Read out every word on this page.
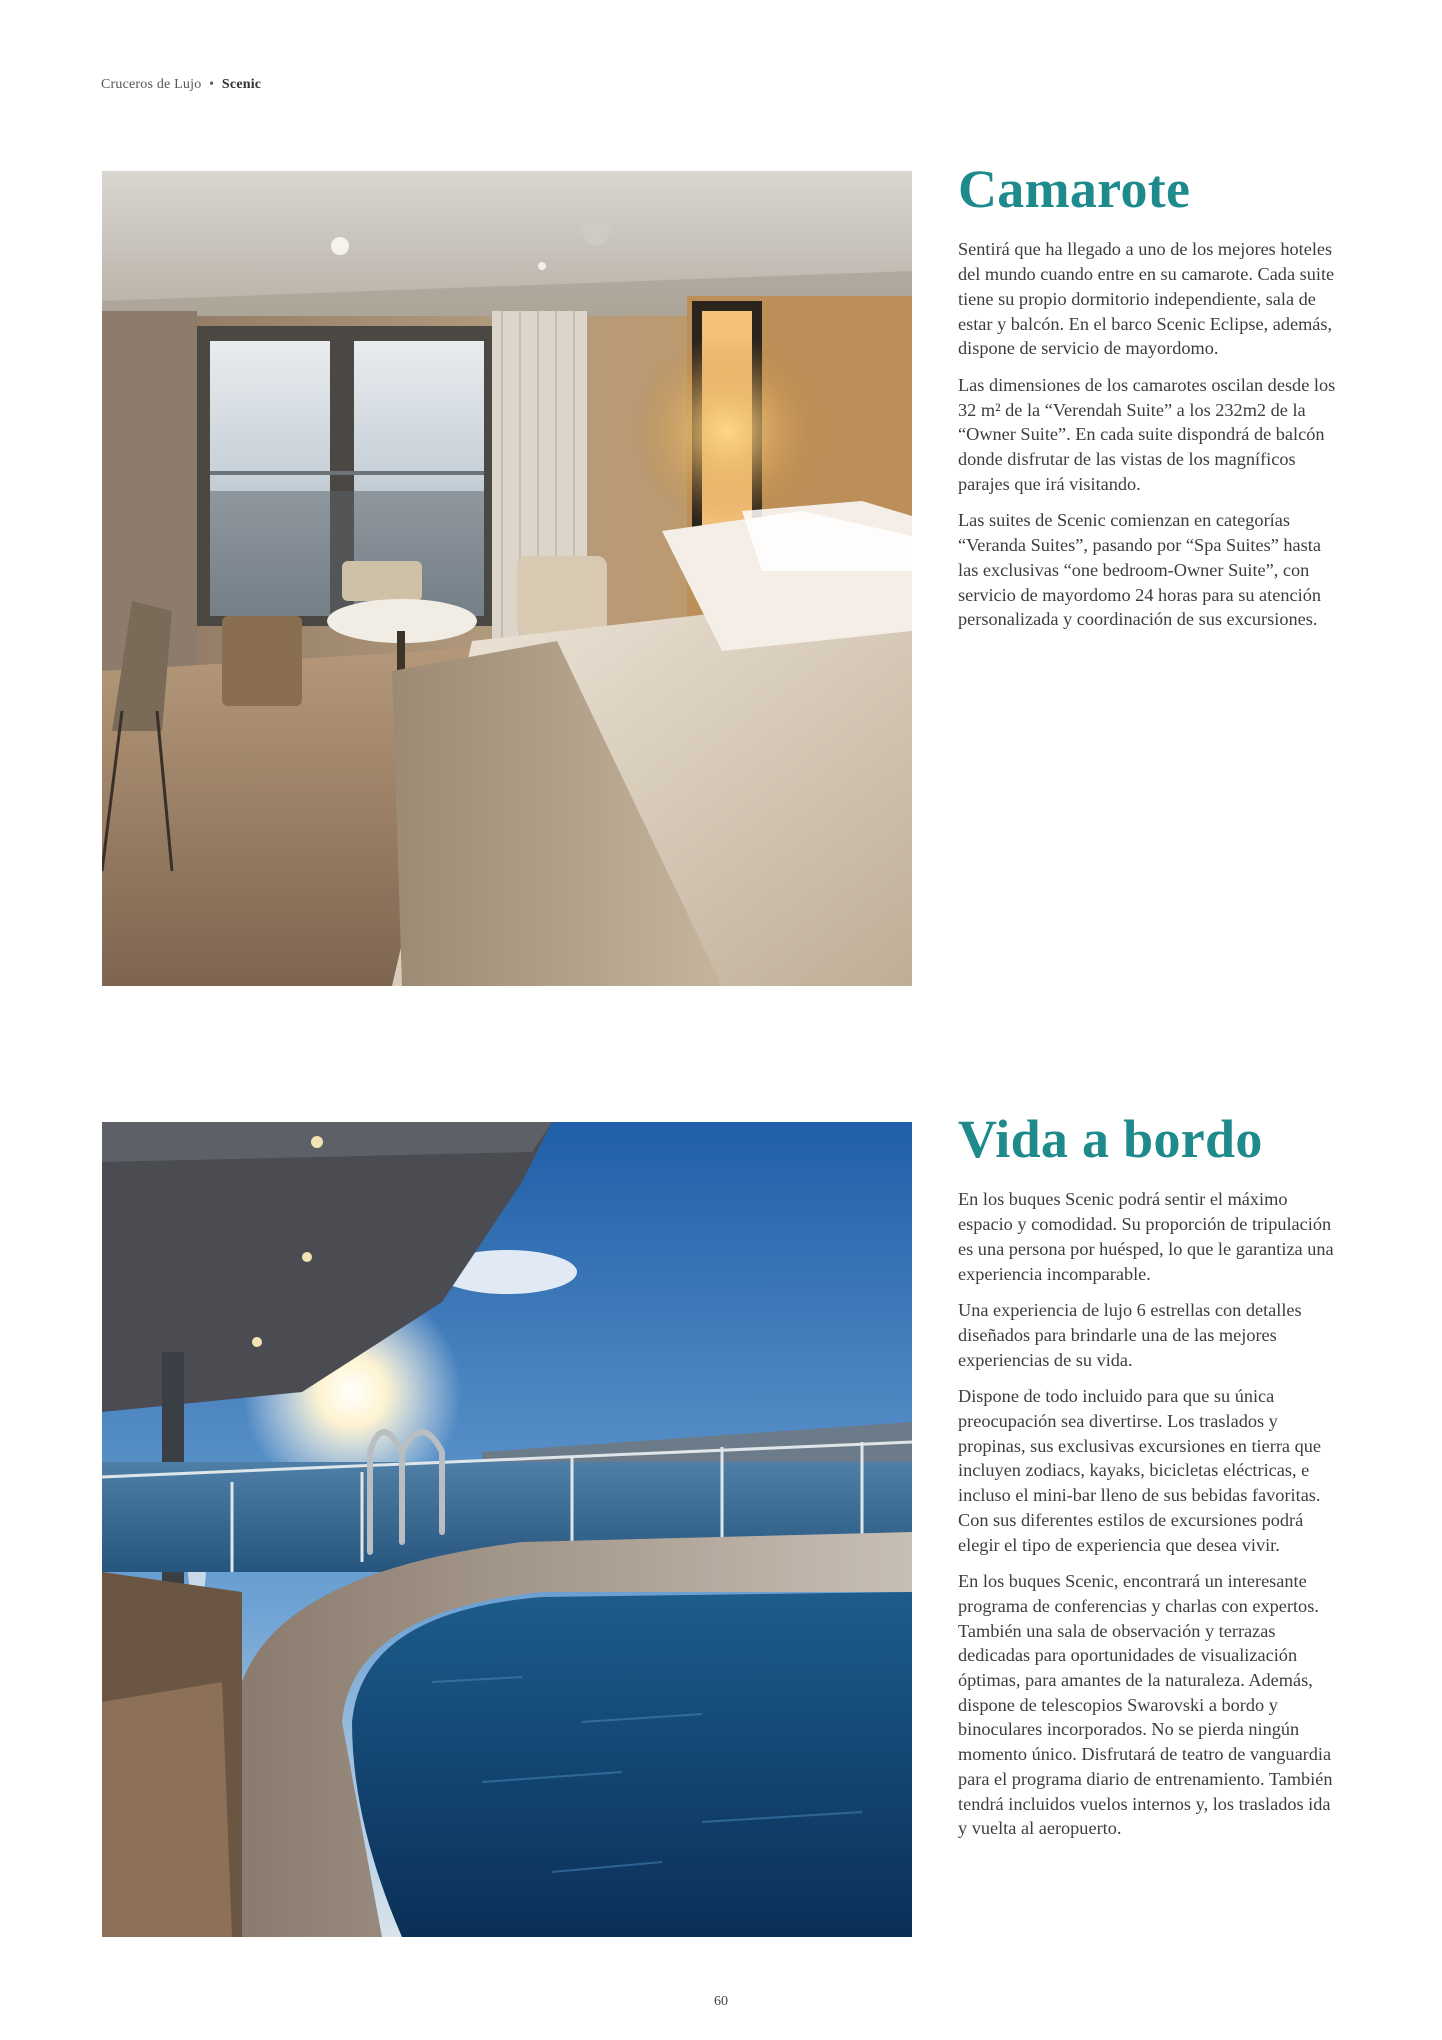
Cruceros de Lujo • Scenic
Camarote

Sentirá que ha llegado a uno de los mejores hoteles del mundo cuando entre en su camarote. Cada suite tiene su propio dormitorio independiente, sala de estar y balcón. En el barco Scenic Eclipse, además, dispone de servicio de mayordomo.

Las dimensiones de los camarotes oscilan desde los 32 m² de la “Verendah Suite” a los 232m2 de la “Owner Suite”. En cada suite dispondrá de balcón donde disfrutar de las vistas de los magníficos parajes que irá visitando.

Las suites de Scenic comienzan en categorías “Veranda Suites”, pasando por “Spa Suites” hasta las exclusivas “one bedroom-Owner Suite”, con servicio de mayordomo 24 horas para su atención personalizada y coordinación de sus excursiones.

Vida a bordo

En los buques Scenic podrá sentir el máximo espacio y comodidad. Su proporción de tripulación es una persona por huésped, lo que le garantiza una experiencia incomparable.

Una experiencia de lujo 6 estrellas con detalles diseñados para brindarle una de las mejores experiencias de su vida.

Dispone de todo incluido para que su única preocupación sea divertirse. Los traslados y propinas, sus exclusivas excursiones en tierra que incluyen zodiacs, kayaks, bicicletas eléctricas, e incluso el mini-bar lleno de sus bebidas favoritas. Con sus diferentes estilos de excursiones podrá elegir el tipo de experiencia que desea vivir.

En los buques Scenic, encontrará un interesante programa de conferencias y charlas con expertos. También una sala de observación y terrazas dedicadas para oportunidades de visualización óptimas, para amantes de la naturaleza. Además, dispone de telescopios Swarovski a bordo y binoculares incorporados. No se pierda ningún momento único. Disfrutará de teatro de vanguardia para el programa diario de entrenamiento. También tendrá incluidos vuelos internos y, los traslados ida y vuelta al aeropuerto.

60
